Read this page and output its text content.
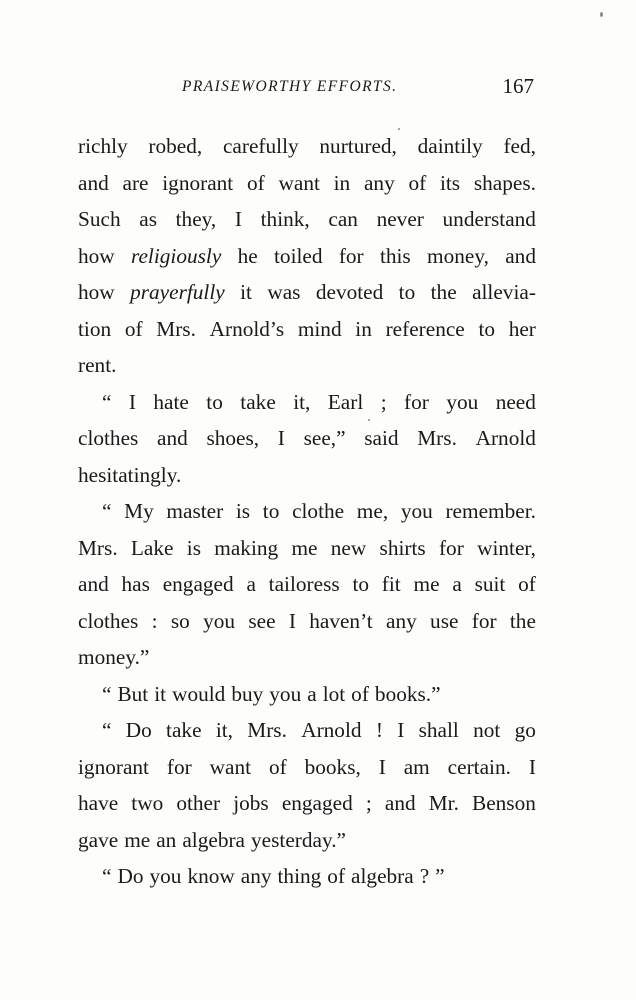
PRAISEWORTHY EFFORTS.	167
richly robed, carefully nurtured, daintily fed,
and are ignorant of want in any of its shapes.
Such as they, I think, can never understand
how religiously he toiled for this money, and
how prayerfully it was devoted to the allevia-
tion of Mrs. Arnold’s mind in reference to her
rent.
“ I hate to take it, Earl ; for you need
clothes and shoes, I see,” said Mrs. Arnold
hesitatingly.
“ My master is to clothe me, you remember.
Mrs. Lake is making me new shirts for winter,
and has engaged a tailoress to fit me a suit of
clothes : so you see I haven’t any use for the
money.”
“ But it would buy you a lot of books.”
“ Do take it, Mrs. Arnold ! I shall not go
ignorant for want of books, I am certain. I
have two other jobs engaged ; and Mr. Benson
gave me an algebra yesterday.”
“ Do you know any thing of algebra ? ”
